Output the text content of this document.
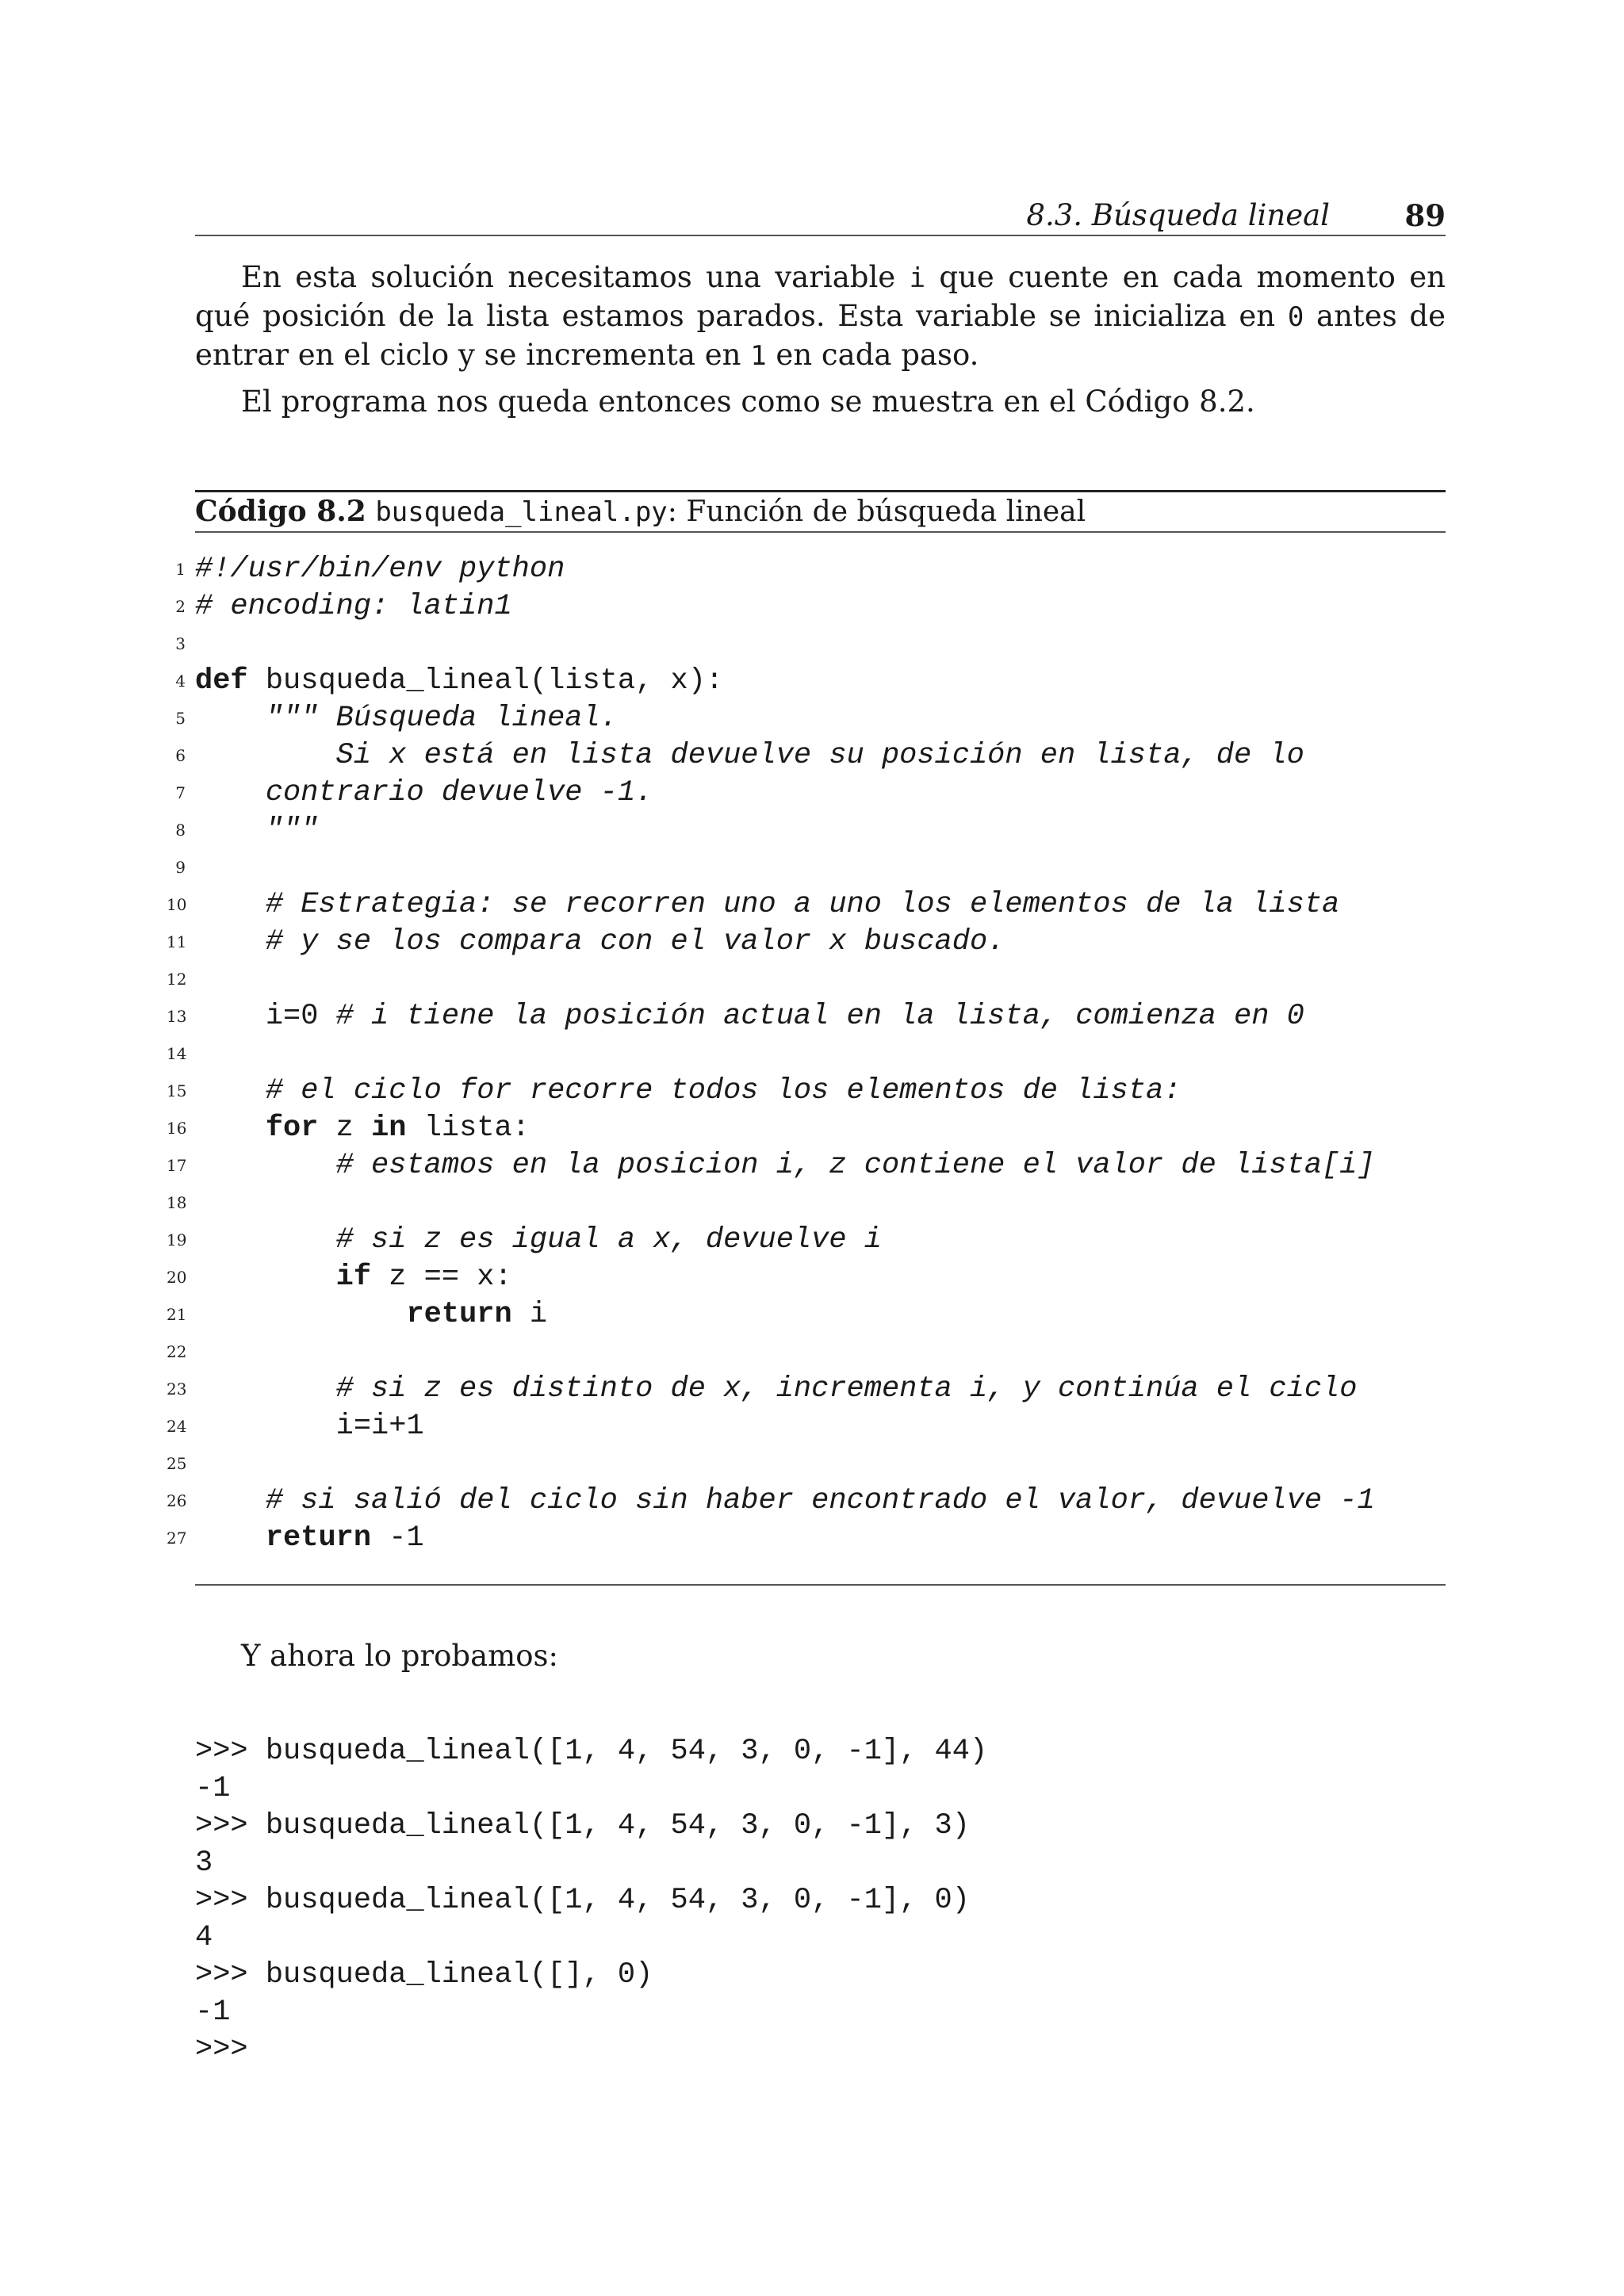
8.3. Búsqueda lineal	89

En esta solución necesitamos una variable i que cuente en cada momento en qué posición de la lista estamos parados. Esta variable se inicializa en 0 antes de entrar en el ciclo y se incrementa en 1 en cada paso.

El programa nos queda entonces como se muestra en el Código 8.2.

Código 8.2 busqueda_lineal.py: Función de búsqueda lineal
1 #!/usr/bin/env python
2 # encoding: latin1
3
4 def busqueda_lineal(lista, x):
5 """ Búsqueda lineal.
6 Si x está en lista devuelve su posición en lista, de lo
7 contrario devuelve -1.
8 """
9
10 # Estrategia: se recorren uno a uno los elementos de la lista
11 # y se los compara con el valor x buscado.
12
13 i=0 # i tiene la posición actual en la lista, comienza en 0
14
15 # el ciclo for recorre todos los elementos de lista:
16	for z in lista:
17 # estamos en la posicion i, z contiene el valor de lista[i]
18
19 # si z es igual a x, devuelve i
20	if z == x:
21	return i
22
23 # si z es distinto de x, incrementa i, y continúa el ciclo
24 i=i+1
25
26 # si salió del ciclo sin haber encontrado el valor, devuelve -1
27	return -1
Y ahora lo probamos:
>>> busqueda_lineal([1, 4, 54, 3, 0, -1], 44)
-1
>>> busqueda_lineal([1, 4, 54, 3, 0, -1], 3)
3
>>> busqueda_lineal([1, 4, 54, 3, 0, -1], 0)
4
>>> busqueda_lineal([], 0)
-1
>>>
